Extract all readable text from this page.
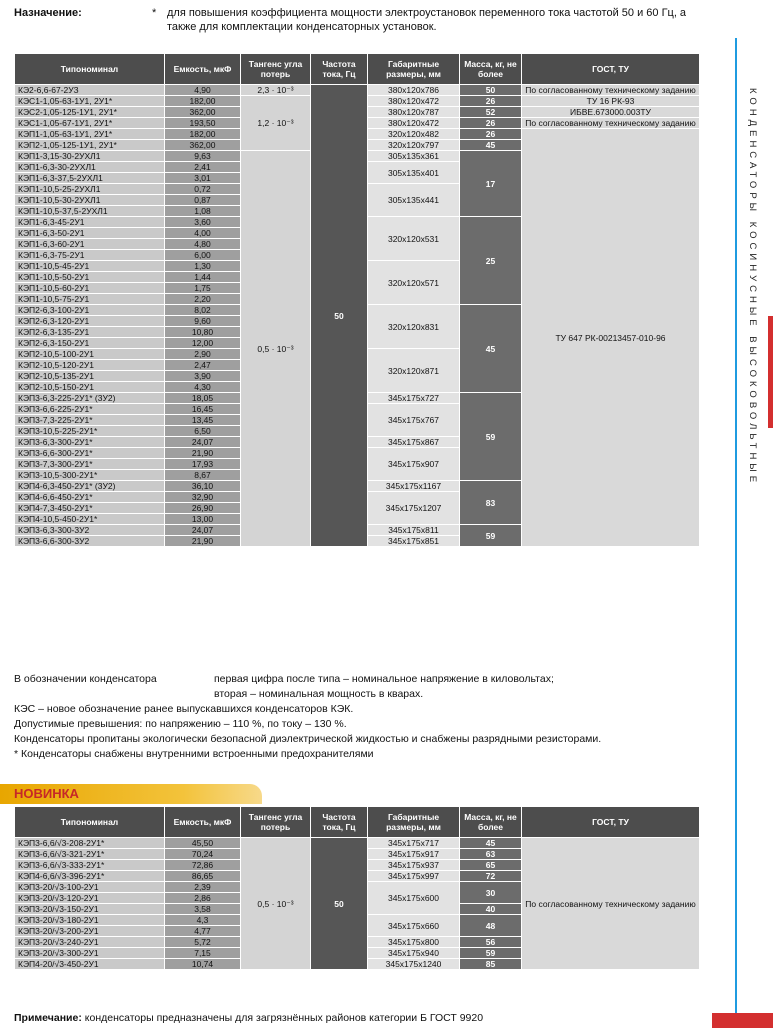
Назначение:	* для повышения коэффициента мощности электроустановок переменного тока частотой 50 и 60 Гц, а также для комплектации конденсаторных установок.
Типономинал	Емкость, мкФ	Тангенс угла потерь	Частота тока, Гц	Габаритные размеры, мм	Масса, кг, не более	ГОСТ, ТУ	
КЭ2-6,6-67-2УЗ	4,90	2,3 · 10⁻³	50	380x120x786	50	По согласованному техническому заданию	
КЭС1-1,05-63-1У1, 2У1*	182,00	1,2 · 10⁻³		380x120x472	26	ТУ 16 РК-93	
КЭС2-1,05-125-1У1, 2У1*	362,00			380x120x787	52	ИБВЕ.673000.003ТУ	
КЭС1-1,05-67-1У1, 2У1*	193,50			380x120x472	26	По согласованному техническому заданию	
КЭП1-1,05-63-1У1, 2У1*	182,00			320x120x482	26	ТУ 647 РК-00213457-010-96	
КЭП2-1,05-125-1У1, 2У1*	362,00			320x120x797	45		
КЭП1-3,15-30-2УХЛ1	9,63	0,5 · 10⁻³		305x135x361	17		
КЭП1-6,3-30-2УХЛ1	2,41			305x135x401			
КЭП1-6,3-37,5-2УХЛ1	3,01						
КЭП1-10,5-25-2УХЛ1	0,72			305x135x441			
КЭП1-10,5-30-2УХЛ1	0,87						
КЭП1-10,5-37,5-2УХЛ1	1,08						
КЭП1-6,3-45-2У1	3,60			320x120x531	25		
КЭП1-6,3-50-2У1	4,00						
КЭП1-6,3-60-2У1	4,80						
КЭП1-6,3-75-2У1	6,00						
КЭП1-10,5-45-2У1	1,30			320x120x571			
КЭП1-10,5-50-2У1	1,44						
КЭП1-10,5-60-2У1	1,75						
КЭП1-10,5-75-2У1	2,20						
КЭП2-6,3-100-2У1	8,02			320x120x831	45		
КЭП2-6,3-120-2У1	9,60						
КЭП2-6,3-135-2У1	10,80						
КЭП2-6,3-150-2У1	12,00						
КЭП2-10,5-100-2У1	2,90			320x120x871			
КЭП2-10,5-120-2У1	2,47						
КЭП2-10,5-135-2У1	3,90						
КЭП2-10,5-150-2У1	4,30						
КЭП3-6,3-225-2У1* (3У2)	18,05			345x175x727	59		
КЭП3-6,6-225-2У1*	16,45			345x175x767			
КЭП3-7,3-225-2У1*	13,45						
КЭП3-10,5-225-2У1*	6,50						
КЭП3-6,3-300-2У1*	24,07			345x175x867			
КЭП3-6,6-300-2У1*	21,90			345x175x907			
КЭП3-7,3-300-2У1*	17,93						
КЭП3-10,5-300-2У1*	8,67						
КЭП4-6,3-450-2У1* (3У2)	36,10			345x175x1167	83		
КЭП4-6,6-450-2У1*	32,90			345x175x1207			
КЭП4-7,3-450-2У1*	26,90						
КЭП4-10,5-450-2У1*	13,00						
КЭП3-6,3-300-3У2	24,07			345x175x811	59	
КЭП3-6,6-300-3У2	21,90			345x175x851			

В обозначении конденсатора	первая цифра после типа – номинальное напряжение в киловольтах;

вторая – номинальная мощность в кварах.

КЭС – новое обозначение ранее выпускавшихся конденсаторов КЭК.

Допустимые превышения: по напряжению – 110 %, по току – 130 %.

Конденсаторы пропитаны экологически безопасной диэлектрической жидкостью и снабжены разрядными резисторами.

* Конденсаторы снабжены внутренними встроенными предохранителями

НОВИНКА
Типономинал	Емкость, мкФ	Тангенс угла потерь	Частота тока, Гц	Габаритные размеры, мм	Масса, кг, не более	ГОСТ, ТУ
КЭП3-6,6/√3-208-2У1*	45,50	0,5 · 10⁻³	50	345x175x717	45	По согласованному техническому заданию
КЭП3-6,6/√3-321-2У1*	70,24			345x175x917	63	
КЭП3-6,6/√3-333-2У1*	72,86			345x175x937	65	
КЭП4-6,6/√3-396-2У1*	86,65			345x175x997	72	
КЭП3-20/√3-100-2У1	2,39			345x175x600	30	
КЭП3-20/√3-120-2У1	2,86					
КЭП3-20/√3-150-2У1	3,58				40	
КЭП3-20/√3-180-2У1	4,3			345x175x660	48	
КЭП3-20/√3-200-2У1	4,77					
КЭП3-20/√3-240-2У1	5,72			345x175x800	56	
КЭП3-20/√3-300-2У1	7,15			345x175x940	59	
КЭП4-20/√3-450-2У1	10,74			345x175x1240	85	
Примечание: конденсаторы предназначены для загрязнённых районов категории Б ГОСТ 9920
КОНДЕНСАТОРЫ КОСИНУСНЫЕ ВЫСОКОВОЛЬТНЫЕ
